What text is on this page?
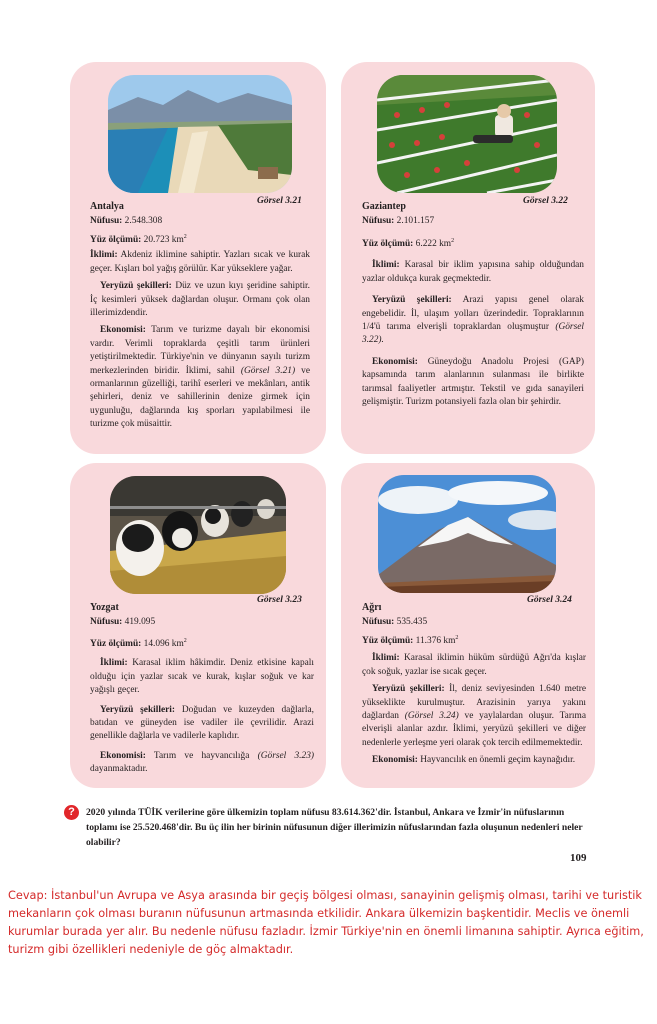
Görsel 3.21
Antalya
Nüfusu: 2.548.308
Yüz ölçümü: 20.723 $km^2$

İklimi: Akdeniz iklimine sahiptir. Yazları sıcak ve kurak geçer. Kışları bol yağış görülür. Kar yükseklere yağar.

Yeryüzü şekilleri: Düz ve uzun kıyı şeridine sahiptir. İç kesimleri yüksek dağlardan oluşur. Ormanı çok olan illerimizdendir.

Ekonomisi: Tarım ve turizme dayalı bir ekonomisi vardır. Verimli topraklarda çeşitli tarım ürünleri yetiştirilmektedir. Türkiye'nin ve dünyanın sayılı turizm merkezlerinden biridir. İklimi, sahil (Görsel 3.21) ve ormanlarının güzelliği, tarihî eserleri ve mekânları, antik şehirleri, deniz ve sahillerinin denize girmek için uygunluğu, dağlarında kış sporları yapılabilmesi ile turizme çok müsaittir.

Görsel 3.22
Gaziantep
Nüfusu: 2.101.157
Yüz ölçümü: 6.222 $km^2$

İklimi: Karasal bir iklim yapısına sahip olduğundan yazlar oldukça kurak geçmektedir.

Yeryüzü şekilleri: Arazi yapısı genel olarak engebelidir. İl, ulaşım yolları üzerindedir. Topraklarının 1/4'ü tarıma elverişli topraklardan oluşmuştur (Görsel 3.22).

Ekonomisi: Güneydoğu Anadolu Projesi (GAP) kapsamında tarım alanlarının sulanması ile birlikte tarımsal faaliyetler artmıştır. Tekstil ve gıda sanayileri gelişmiştir. Turizm potansiyeli fazla olan bir şehirdir.

Görsel 3.23
Yozgat
Nüfusu: 419.095
Yüz ölçümü: 14.096 $km^2$

İklimi: Karasal iklim hâkimdir. Deniz etkisine kapalı olduğu için yazlar sıcak ve kurak, kışlar soğuk ve kar yağışlı geçer.

Yeryüzü şekilleri: Doğudan ve kuzeyden dağlarla, batıdan ve güneyden ise vadiler ile çevrilidir. Arazi genellikle dağlarla ve vadilerle kaplıdır.

Ekonomisi: Tarım ve hayvancılığa (Görsel 3.23) dayanmaktadır.

Görsel 3.24
Ağrı
Nüfusu: 535.435
Yüz ölçümü: 11.376 $km^2$

İklimi: Karasal iklimin hüküm sürdüğü Ağrı'da kışlar çok soğuk, yazlar ise sıcak geçer.

Yeryüzü şekilleri: İl, deniz seviyesinden 1.640 metre yükseklikte kurulmuştur. Arazisinin yarıya yakını dağlardan (Görsel 3.24) ve yaylalardan oluşur. Tarıma elverişli alanlar azdır. İklimi, yeryüzü şekilleri ve diğer nedenlerle yerleşme yeri olarak çok tercih edilmemektedir.

Ekonomisi: Hayvancılık en önemli geçim kaynağıdır.

?	2020 yılında TÜİK verilerine göre ülkemizin toplam nüfusu 83.614.362'dir. İstanbul, Ankara ve İzmir'in nüfuslarının toplamı ise 25.520.468'dir. Bu üç ilin her birinin nüfusunun diğer illerimizin nüfuslarından fazla oluşunun nedenleri neler olabilir?
109
Cevap: İstanbul'un Avrupa ve Asya arasında bir geçiş bölgesi olması, sanayinin gelişmiş olması, tarihi ve turistik mekanların çok olması buranın nüfusunun artmasında etkilidir. Ankara ülkemizin başkentidir. Meclis ve önemli kurumlar burada yer alır. Bu nedenle nüfusu fazladır. İzmir Türkiye'nin en önemli limanına sahiptir. Ayrıca eğitim, turizm gibi özellikleri nedeniyle de göç almaktadır.
